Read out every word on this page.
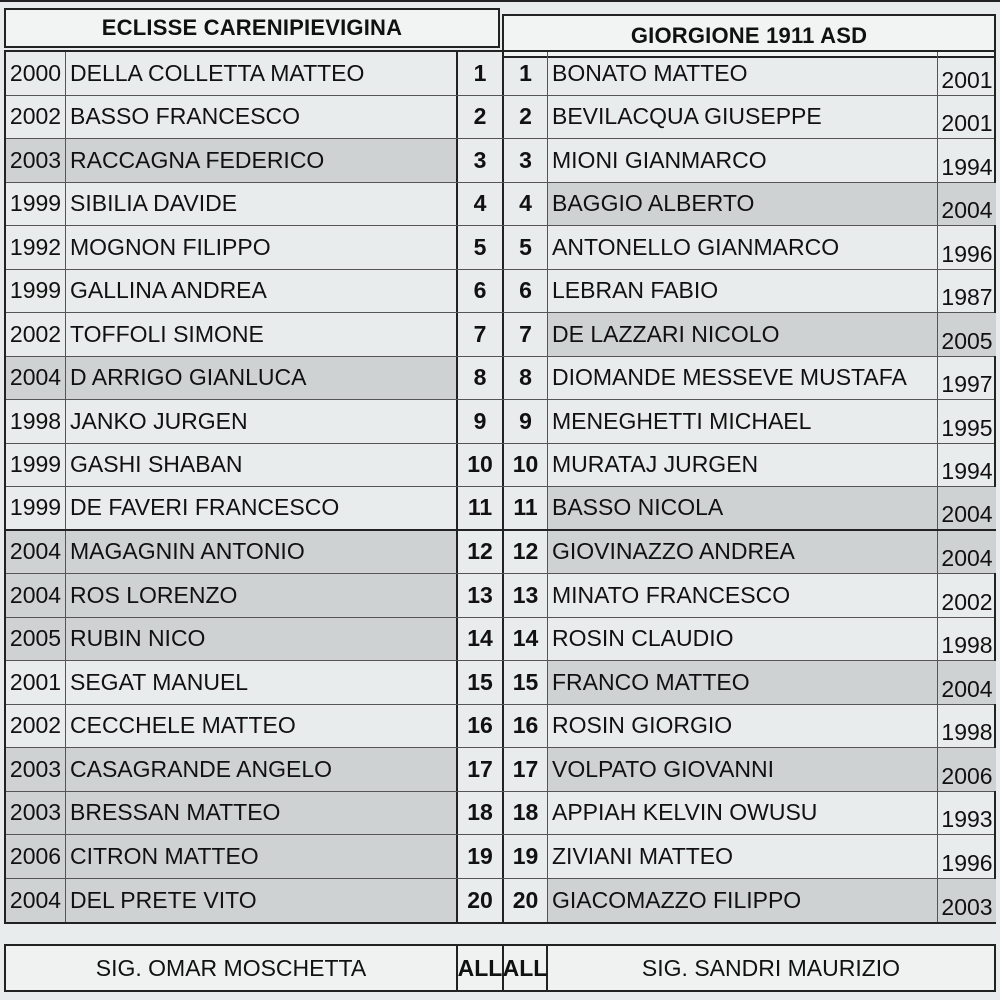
ECLISSE CARENIPIEVIGINA	GIORGIONE 1911 ASD
2000 DELLA COLLETTA MATTEO	1	1 BONATO MATTEO	2001
2002 BASSO FRANCESCO	2	2 BEVILACQUA GIUSEPPE	2001
2003 RACCAGNA FEDERICO	3	3 MIONI GIANMARCO	1994
1999 SIBILIA DAVIDE	4	4 BAGGIO ALBERTO	2004
1992 MOGNON FILIPPO	5	5 ANTONELLO GIANMARCO	1996
1999 GALLINA ANDREA	6	6 LEBRAN FABIO	1987
2002 TOFFOLI SIMONE	7	7 DE LAZZARI NICOLO	2005
2004 D ARRIGO GIANLUCA	8	8 DIOMANDE MESSEVE MUSTAFA	1997
1998 JANKO JURGEN	9	9 MENEGHETTI MICHAEL	1995
1999 GASHI SHABAN	10 10 MURATAJ JURGEN	1994
1999 DE FAVERI FRANCESCO	11 11 BASSO NICOLA	2004
2004 MAGAGNIN ANTONIO	12 12 GIOVINAZZO ANDREA	2004
2004 ROS LORENZO	13 13 MINATO FRANCESCO	2002
2005 RUBIN NICO	14 14 ROSIN CLAUDIO	1998
2001 SEGAT MANUEL	15 15 FRANCO MATTEO	2004
2002 CECCHELE MATTEO	16 16 ROSIN GIORGIO	1998
2003 CASAGRANDE ANGELO	17 17 VOLPATO GIOVANNI	2006
2003 BRESSAN MATTEO	18 18 APPIAH KELVIN OWUSU	1993
2006 CITRON MATTEO	19 19 ZIVIANI MATTEO	1996
2004 DEL PRETE VITO	20 20 GIACOMAZZO FILIPPO	2003
SIG. OMAR MOSCHETTA	ALL ALL	SIG. SANDRI MAURIZIO
